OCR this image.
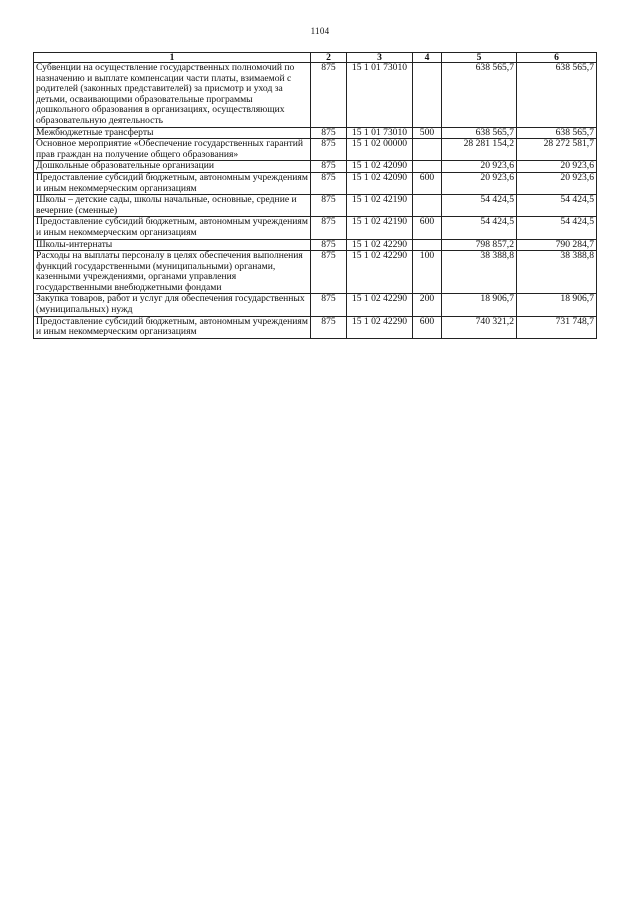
1104
1	2	3	4	5	6
Субвенции на осуществление государственных полномочий по назначению и выплате компенсации части платы, взимаемой с родителей (законных представителей) за присмотр и уход за детьми, осваивающими образовательные программы дошкольного образования в организациях, осуществляющих образовательную деятельность	875	15 1 01 73010		638 565,7	638 565,7
Межбюджетные трансферты	875	15 1 01 73010	500	638 565,7	638 565,7
Основное мероприятие «Обеспечение государственных гарантий прав граждан на получение общего образования»	875	15 1 02 00000		28 281 154,2	28 272 581,7
Дошкольные образовательные организации	875	15 1 02 42090		20 923,6	20 923,6
Предоставление субсидий бюджетным, автономным учреждениям и иным некоммерческим организациям	875	15 1 02 42090	600	20 923,6	20 923,6
Школы – детские сады, школы начальные, основные, средние и вечерние (сменные)	875	15 1 02 42190		54 424,5	54 424,5
Предоставление субсидий бюджетным, автономным учреждениям и иным некоммерческим организациям	875	15 1 02 42190	600	54 424,5	54 424,5
Школы-интернаты	875	15 1 02 42290		798 857,2	790 284,7
Расходы на выплаты персоналу в целях обеспечения выполнения функций государственными (муниципальными) органами, казенными учреждениями, органами управления государственными внебюджетными фондами	875	15 1 02 42290	100	38 388,8	38 388,8
Закупка товаров, работ и услуг для обеспечения государственных (муниципальных) нужд	875	15 1 02 42290	200	18 906,7	18 906,7
Предоставление субсидий бюджетным, автономным учреждениям и иным некоммерческим организациям	875	15 1 02 42290	600	740 321,2	731 748,7
